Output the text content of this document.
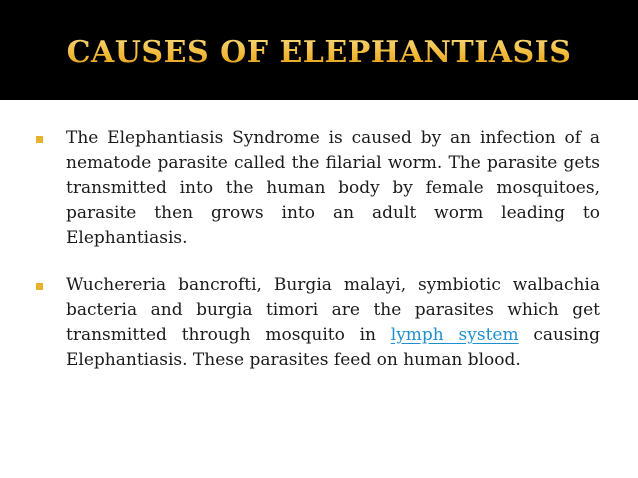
CAUSES OF ELEPHANTIASIS

The Elephantiasis Syndrome is caused by an infection of a nematode parasite called the filarial worm. The parasite gets transmitted into the human body by female mosquitoes, parasite then grows into an adult worm leading to Elephantiasis.

Wuchereria bancrofti, Burgia malayi, symbiotic walbachia bacteria and burgia timori are the parasites which get transmitted through mosquito in lymph system causing Elephantiasis. These parasites feed on human blood.
